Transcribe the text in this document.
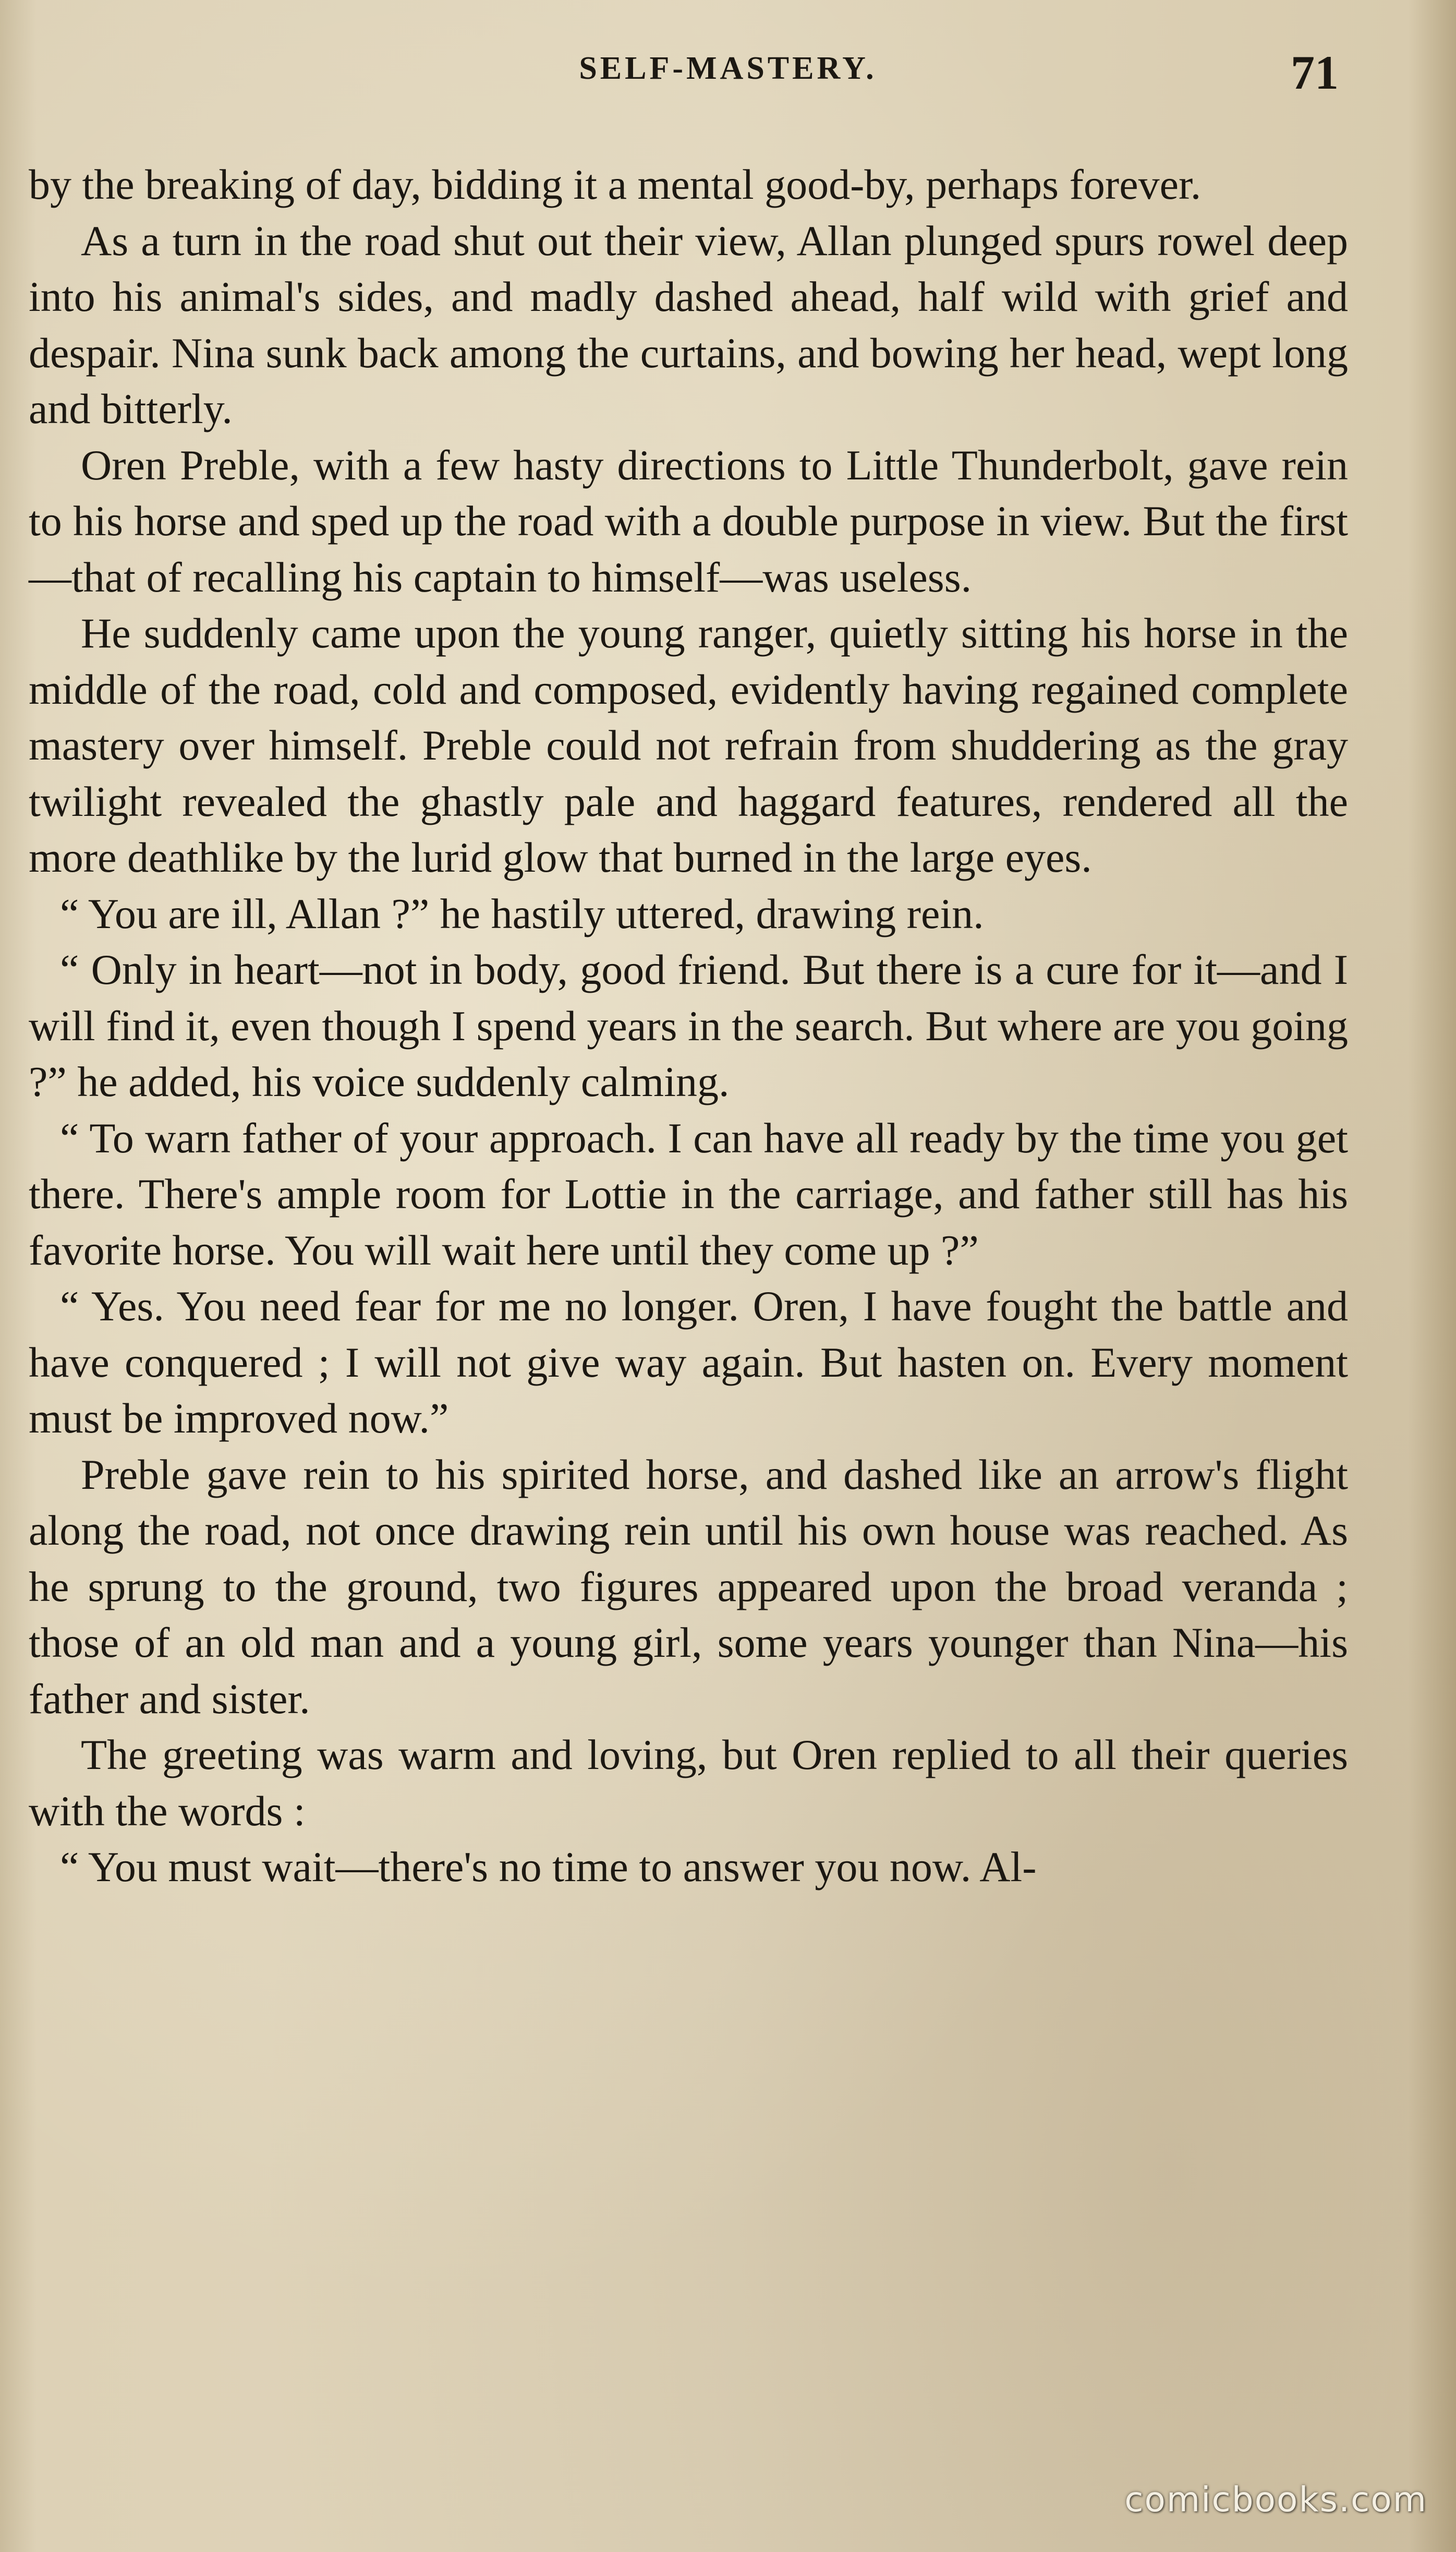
SELF-MASTERY.	71

by the breaking of day, bidding it a mental good-by, perhaps forever.

As a turn in the road shut out their view, Allan plunged spurs rowel deep into his animal's sides, and madly dashed ahead, half wild with grief and despair. Nina sunk back among the curtains, and bowing her head, wept long and bitterly.

Oren Preble, with a few hasty directions to Little Thunderbolt, gave rein to his horse and sped up the road with a double purpose in view. But the first—that of recalling his captain to himself—was useless.

He suddenly came upon the young ranger, quietly sitting his horse in the middle of the road, cold and composed, evidently having regained complete mastery over himself. Preble could not refrain from shuddering as the gray twilight revealed the ghastly pale and haggard features, rendered all the more deathlike by the lurid glow that burned in the large eyes.

“ You are ill, Allan ?” he hastily uttered, drawing rein.

“ Only in heart—not in body, good friend. But there is a cure for it—and I will find it, even though I spend years in the search. But where are you going ?” he added, his voice suddenly calming.

“ To warn father of your approach. I can have all ready by the time you get there. There's ample room for Lottie in the carriage, and father still has his favorite horse. You will wait here until they come up ?”

“ Yes. You need fear for me no longer. Oren, I have fought the battle and have conquered ; I will not give way again. But hasten on. Every moment must be improved now.”

Preble gave rein to his spirited horse, and dashed like an arrow's flight along the road, not once drawing rein until his own house was reached. As he sprung to the ground, two figures appeared upon the broad veranda ; those of an old man and a young girl, some years younger than Nina—his father and sister.

The greeting was warm and loving, but Oren replied to all their queries with the words :

“ You must wait—there's no time to answer you now. Al-

comicbooks.com
